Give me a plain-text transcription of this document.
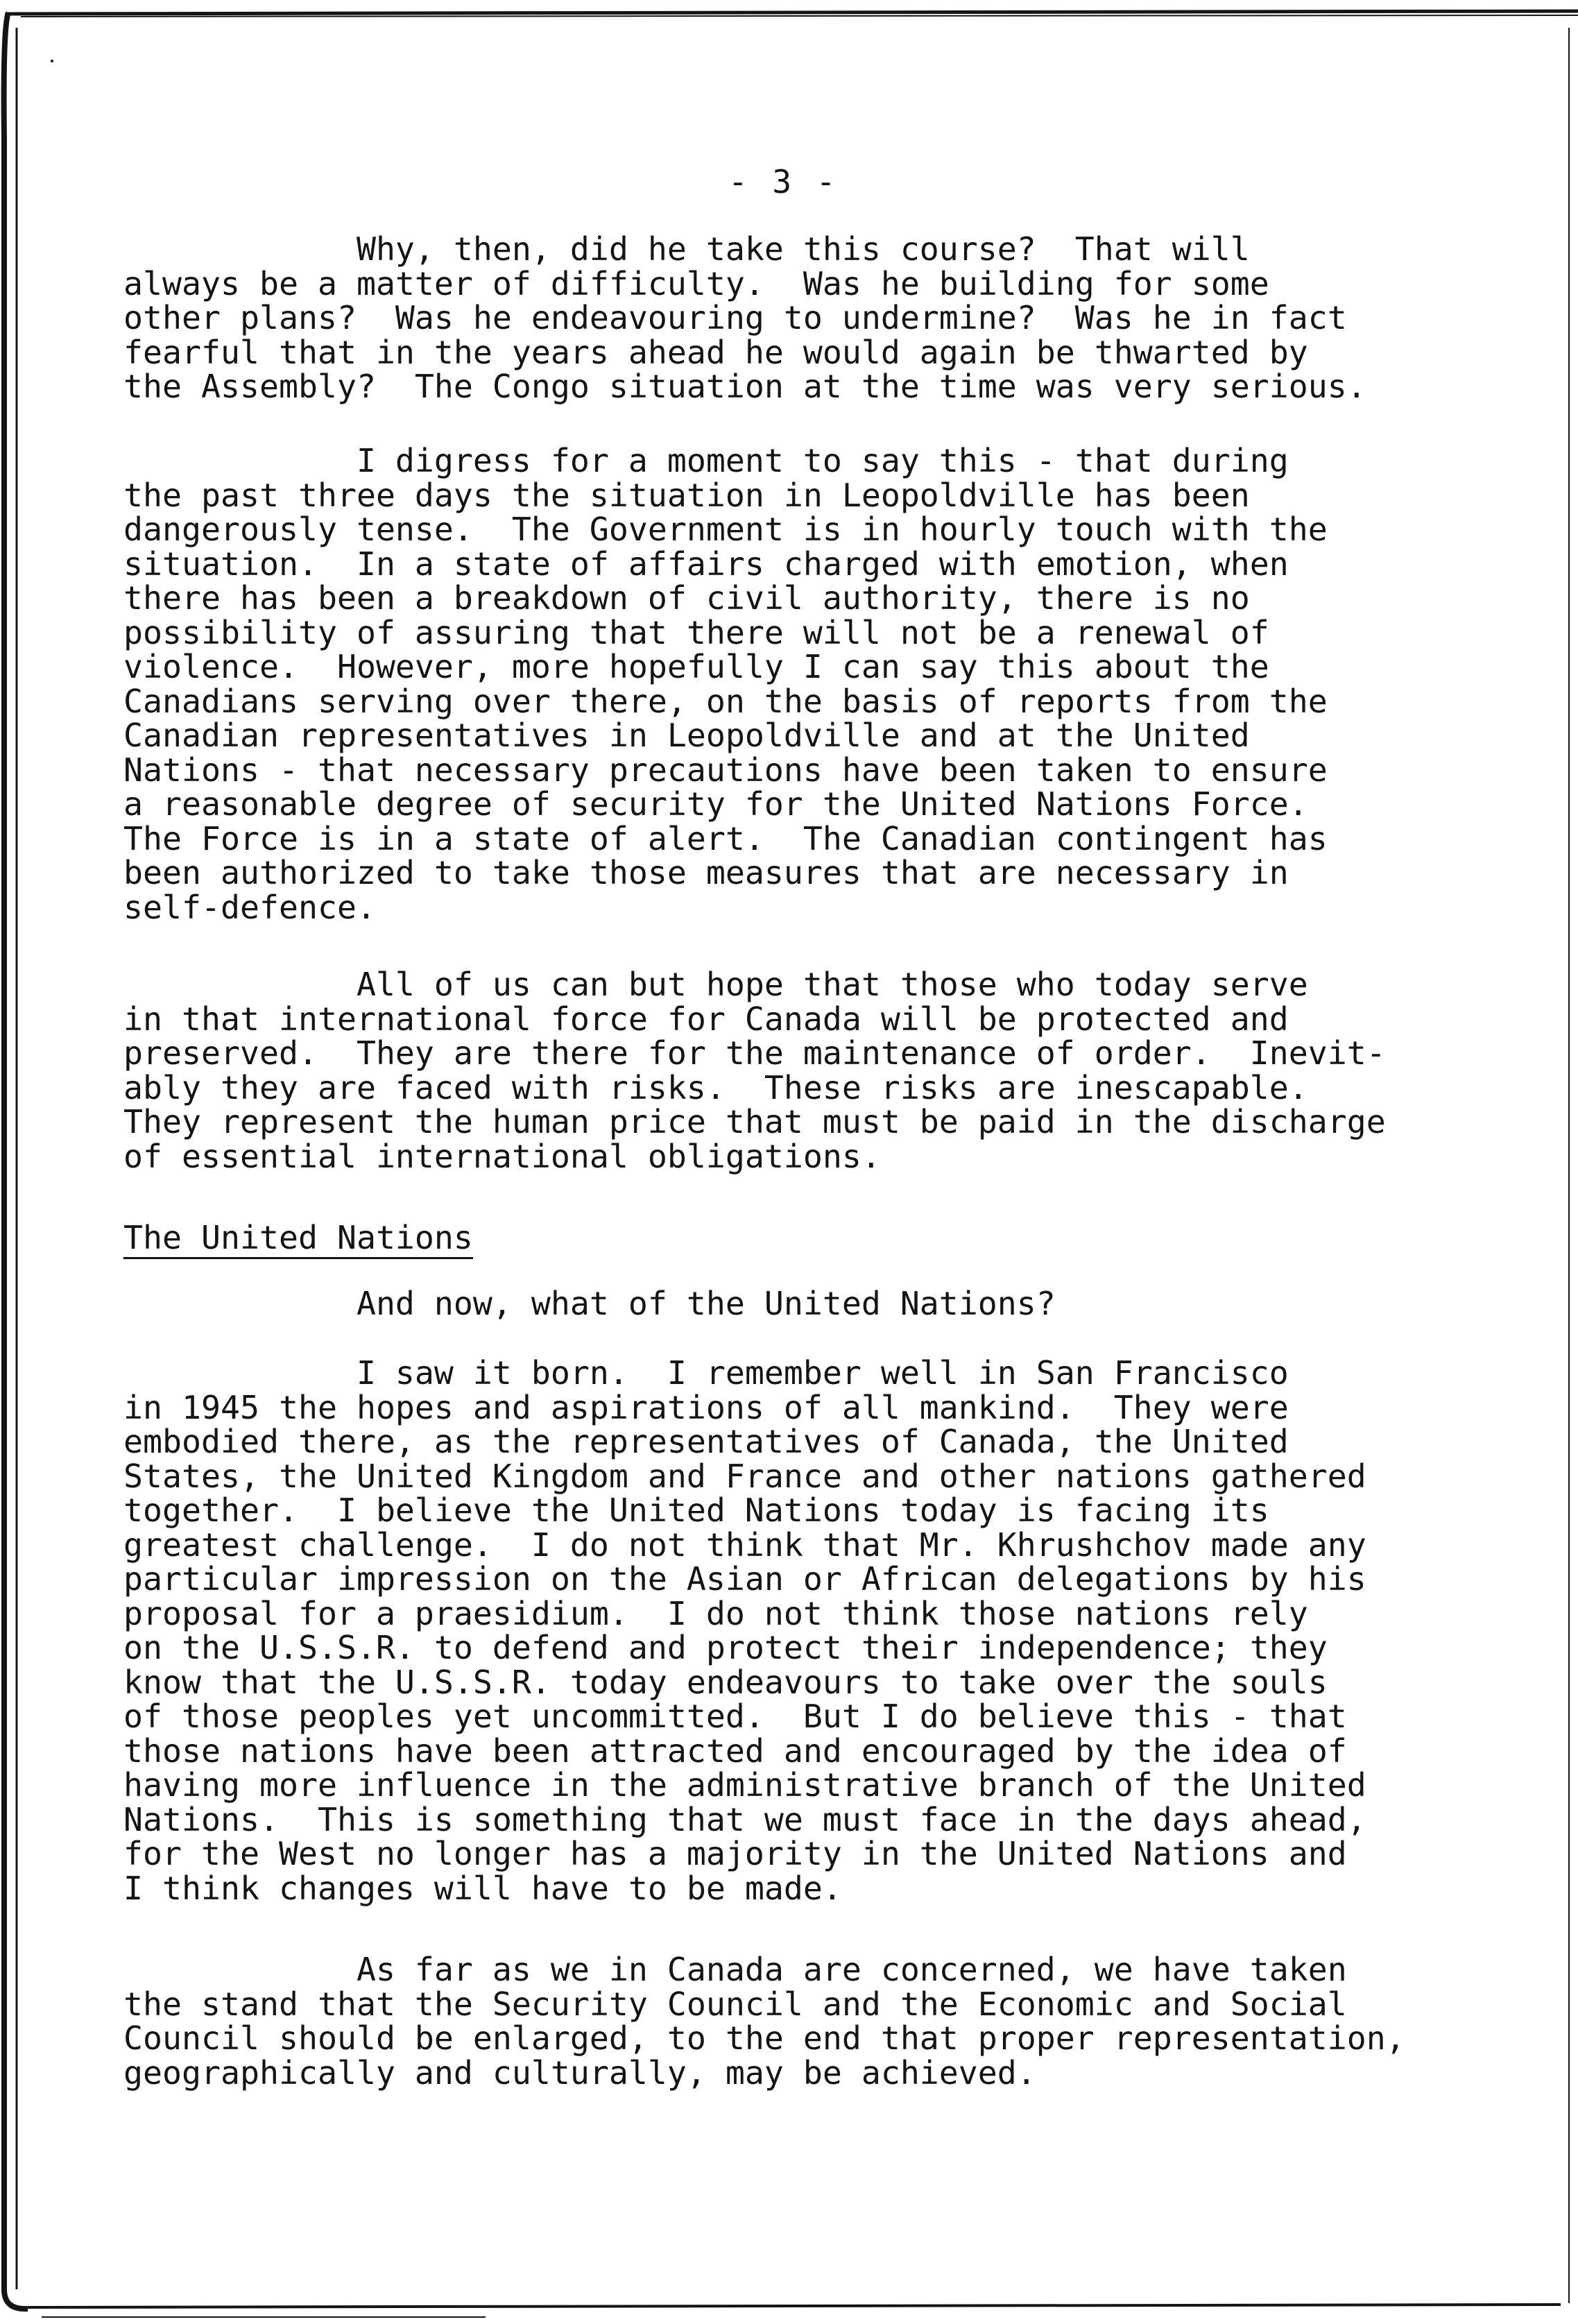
- 3 -
Why, then, did he take this course?  That will
always be a matter of difficulty.  Was he building for some
other plans?  Was he endeavouring to undermine?  Was he in fact
fearful that in the years ahead he would again be thwarted by
the Assembly?  The Congo situation at the time was very serious.
I digress for a moment to say this - that during
the past three days the situation in Leopoldville has been
dangerously tense.  The Government is in hourly touch with the
situation.  In a state of affairs charged with emotion, when
there has been a breakdown of civil authority, there is no
possibility of assuring that there will not be a renewal of
violence.  However, more hopefully I can say this about the
Canadians serving over there, on the basis of reports from the
Canadian representatives in Leopoldville and at the United
Nations - that necessary precautions have been taken to ensure
a reasonable degree of security for the United Nations Force.
The Force is in a state of alert.  The Canadian contingent has
been authorized to take those measures that are necessary in
self-defence.
All of us can but hope that those who today serve
in that international force for Canada will be protected and
preserved.  They are there for the maintenance of order.  Inevit-
ably they are faced with risks.  These risks are inescapable.
They represent the human price that must be paid in the discharge
of essential international obligations.
The United Nations
And now, what of the United Nations?
I saw it born.  I remember well in San Francisco
in 1945 the hopes and aspirations of all mankind.  They were
embodied there, as the representatives of Canada, the United
States, the United Kingdom and France and other nations gathered
together.  I believe the United Nations today is facing its
greatest challenge.  I do not think that Mr. Khrushchov made any
particular impression on the Asian or African delegations by his
proposal for a praesidium.  I do not think those nations rely
on the U.S.S.R. to defend and protect their independence; they
know that the U.S.S.R. today endeavours to take over the souls
of those peoples yet uncommitted.  But I do believe this - that
those nations have been attracted and encouraged by the idea of
having more influence in the administrative branch of the United
Nations.  This is something that we must face in the days ahead,
for the West no longer has a majority in the United Nations and
I think changes will have to be made.
As far as we in Canada are concerned, we have taken
the stand that the Security Council and the Economic and Social
Council should be enlarged, to the end that proper representation,
geographically and culturally, may be achieved.
